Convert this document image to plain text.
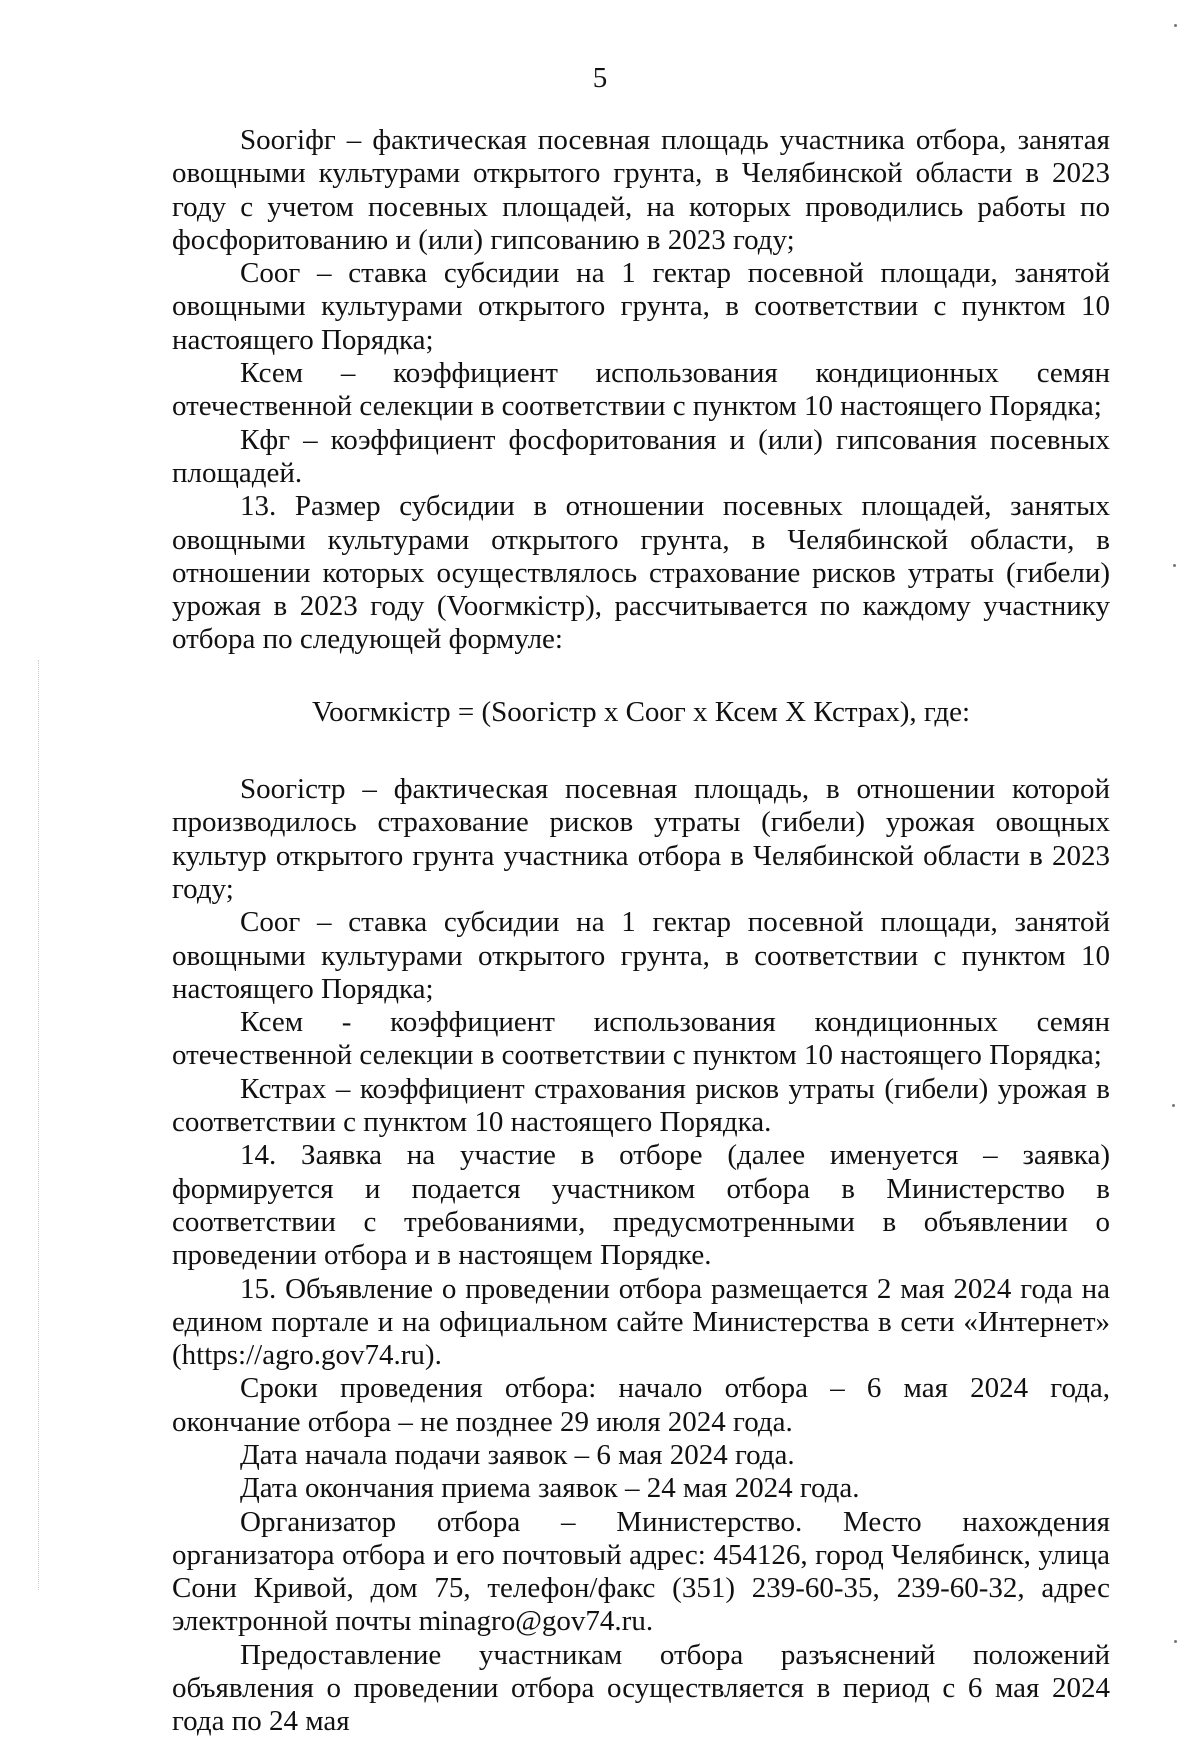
5

Sooгiфг – фактическая посевная площадь участника отбора, занятая овощными культурами открытого грунта, в Челябинской области в 2023 году с учетом посевных площадей, на которых проводились работы по фосфоритованию и (или) гипсованию в 2023 году;

Cooг – ставка субсидии на 1 гектар посевной площади, занятой овощными культурами открытого грунта, в соответствии с пунктом 10 настоящего Порядка;

Ксем – коэффициент использования кондиционных семян отечественной селекции в соответствии с пунктом 10 настоящего Порядка;

Кфг – коэффициент фосфоритования и (или) гипсования посевных площадей.

13. Размер субсидии в отношении посевных площадей, занятых овощными культурами открытого грунта, в Челябинской области, в отношении которых осуществлялось страхование рисков утраты (гибели) урожая в 2023 году (Vooгмкiстр), рассчитывается по каждому участнику отбора по следующей формуле:

Vooгмкiстр = (Sooгiстр х Cooг х Ксем Х Кстрах), где:

Sooгiстр – фактическая посевная площадь, в отношении которой производилось страхование рисков утраты (гибели) урожая овощных культур открытого грунта участника отбора в Челябинской области в 2023 году;

Cooг – ставка субсидии на 1 гектар посевной площади, занятой овощными культурами открытого грунта, в соответствии с пунктом 10 настоящего Порядка;

Ксем - коэффициент использования кондиционных семян отечественной селекции в соответствии с пунктом 10 настоящего Порядка;

Кстрах – коэффициент страхования рисков утраты (гибели) урожая в соответствии с пунктом 10 настоящего Порядка.

14. Заявка на участие в отборе (далее именуется – заявка) формируется и подается участником отбора в Министерство в соответствии с требованиями, предусмотренными в объявлении о проведении отбора и в настоящем Порядке.

15. Объявление о проведении отбора размещается 2 мая 2024 года на едином портале и на официальном сайте Министерства в сети «Интернет» (https://agro.gov74.ru).

Сроки проведения отбора: начало отбора – 6 мая 2024 года, окончание отбора – не позднее 29 июля 2024 года.

Дата начала подачи заявок – 6 мая 2024 года.

Дата окончания приема заявок – 24 мая 2024 года.

Организатор отбора – Министерство. Место нахождения организатора отбора и его почтовый адрес: 454126, город Челябинск, улица Сони Кривой, дом 75, телефон/факс (351) 239-60-35, 239-60-32, адрес электронной почты minagro@gov74.ru.

Предоставление участникам отбора разъяснений положений объявления о проведении отбора осуществляется в период с 6 мая 2024 года по 24 мая
